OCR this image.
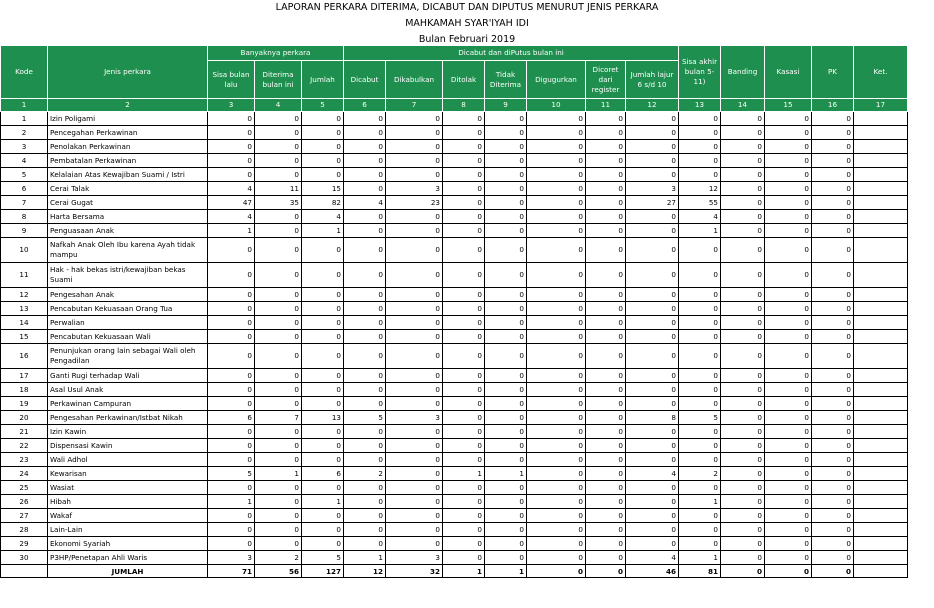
LAPORAN PERKARA DITERIMA, DICABUT DAN DIPUTUS MENURUT JENIS PERKARA
MAHKAMAH SYAR'IYAH IDI
Bulan Februari 2019
Kode	Jenis perkara	Banyaknya perkara			Dicabut dan diPutus bulan ini							Sisa akhir bulan 5-11)	Banding	Kasasi	PK	Ket.
		Sisa bulan lalu	Diterima bulan ini	Jumlah	Dicabut	Dikabulkan	Ditolak	Tidak Diterima	Digugurkan	Dicoret dari register	Jumlah lajur 6 s/d 10					
1	2	3	4	5	6	7	8	9	10	11	12	13	14	15	16	17
1	Izin Poligami	0	0	0	0	0	0	0	0	0	0	0	0	0	0	
2	Pencegahan Perkawinan	0	0	0	0	0	0	0	0	0	0	0	0	0	0	
3	Penolakan Perkawinan	0	0	0	0	0	0	0	0	0	0	0	0	0	0	
4	Pembatalan Perkawinan	0	0	0	0	0	0	0	0	0	0	0	0	0	0	
5	Kelalaian Atas Kewajiban Suami / Istri	0	0	0	0	0	0	0	0	0	0	0	0	0	0	
6	Cerai Talak	4	11	15	0	3	0	0	0	0	3	12	0	0	0	
7	Cerai Gugat	47	35	82	4	23	0	0	0	0	27	55	0	0	0	
8	Harta Bersama	4	0	4	0	0	0	0	0	0	0	4	0	0	0	
9	Penguasaan Anak	1	0	1	0	0	0	0	0	0	0	1	0	0	0	
10	Nafkah Anak Oleh Ibu karena Ayah tidak mampu	0	0	0	0	0	0	0	0	0	0	0	0	0	0	
11	Hak - hak bekas istri/kewajiban bekas Suami	0	0	0	0	0	0	0	0	0	0	0	0	0	0	
12	Pengesahan Anak	0	0	0	0	0	0	0	0	0	0	0	0	0	0	
13	Pencabutan Kekuasaan Orang Tua	0	0	0	0	0	0	0	0	0	0	0	0	0	0	
14	Perwalian	0	0	0	0	0	0	0	0	0	0	0	0	0	0	
15	Pencabutan Kekuasaan Wali	0	0	0	0	0	0	0	0	0	0	0	0	0	0	
16	Penunjukan orang lain sebagai Wali oleh Pengadilan	0	0	0	0	0	0	0	0	0	0	0	0	0	0	
17	Ganti Rugi terhadap Wali	0	0	0	0	0	0	0	0	0	0	0	0	0	0	
18	Asal Usul Anak	0	0	0	0	0	0	0	0	0	0	0	0	0	0	
19	Perkawinan Campuran	0	0	0	0	0	0	0	0	0	0	0	0	0	0	
20	Pengesahan Perkawinan/Istbat Nikah	6	7	13	5	3	0	0	0	0	8	5	0	0	0	
21	Izin Kawin	0	0	0	0	0	0	0	0	0	0	0	0	0	0	
22	Dispensasi Kawin	0	0	0	0	0	0	0	0	0	0	0	0	0	0	
23	Wali Adhol	0	0	0	0	0	0	0	0	0	0	0	0	0	0	
24	Kewarisan	5	1	6	2	0	1	1	0	0	4	2	0	0	0	
25	Wasiat	0	0	0	0	0	0	0	0	0	0	0	0	0	0	
26	Hibah	1	0	1	0	0	0	0	0	0	0	1	0	0	0	
27	Wakaf	0	0	0	0	0	0	0	0	0	0	0	0	0	0	
28	Lain-Lain	0	0	0	0	0	0	0	0	0	0	0	0	0	0	
29	Ekonomi Syariah	0	0	0	0	0	0	0	0	0	0	0	0	0	0	
30	P3HP/Penetapan Ahli Waris	3	2	5	1	3	0	0	0	0	4	1	0	0	0	
	JUMLAH	71	56	127	12	32	1	1	0	0	46	81	0	0	0	
